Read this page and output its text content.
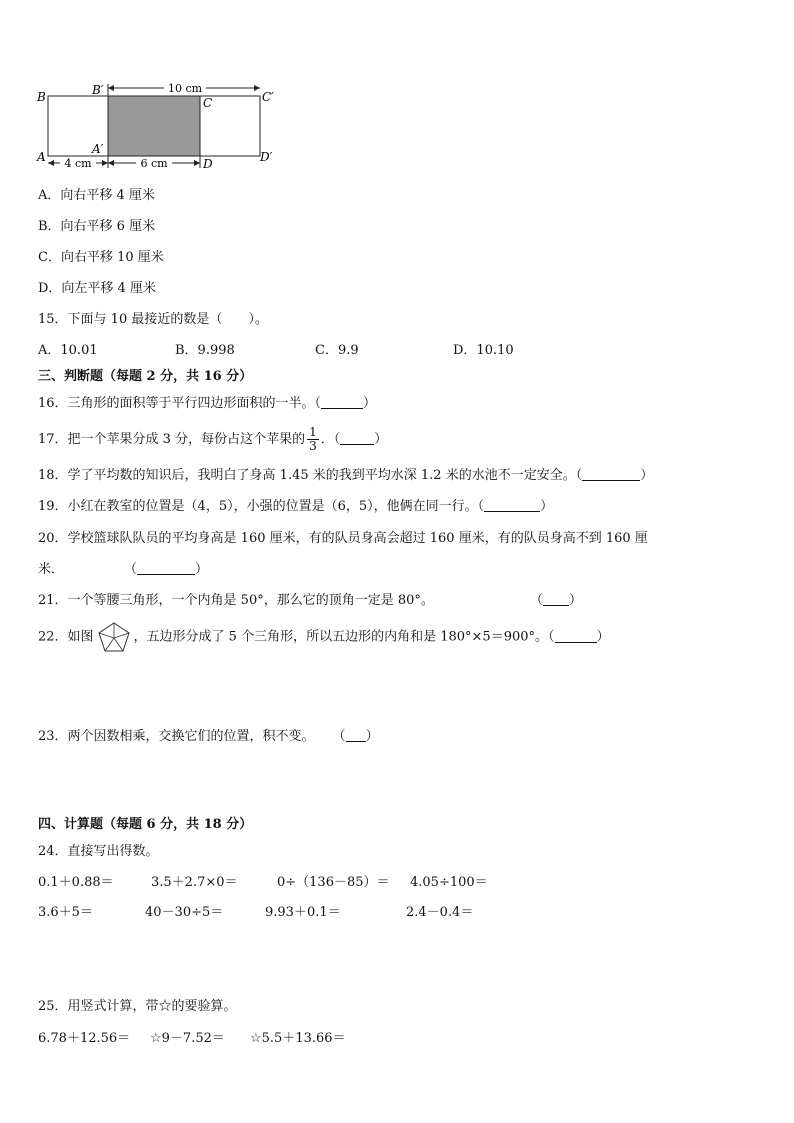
10 cm
4 cm	6 cm
B	B′
C	C′
A
A′
D	D′
A．向右平移 4 厘米
B．向右平移 6 厘米
C．向右平移 10 厘米
D．向左平移 4 厘米
15．下面与 10 最接近的数是（　　）。
A．10.01	B．9.998	C．9.9	D．10.10
三、判断题（每题 2 分，共 16 分）
16．三角形的面积等于平行四边形面积的一半。（	）
17．把一个苹果分成 3 分，每份占这个苹果的 $\frac{1}{3}$ ．（	）
18．学了平均数的知识后，我明白了身高 1.45 米的我到平均水深 1.2 米的水池不一定安全。（	）
19．小红在教室的位置是（4，5），小强的位置是（6，5），他俩在同一行。（	）
20．学校篮球队队员的平均身高是 160 厘米，有的队员身高会超过 160 厘米，有的队员身高不到 160 厘
米．	（	）
21．一个等腰三角形，一个内角是 50°，那么它的顶角一定是 80°。	（ ）
22．如图	，五边形分成了 5 个三角形，所以五边形的内角和是 180°×5＝900°。（	）
23．两个因数相乘，交换它们的位置，积不变。 （ ）
四、计算题（每题 6 分，共 18 分）
24．直接写出得数。
0.1＋0.88＝	3.5＋2.7×0＝	0÷（136－85）＝ 4.05÷100＝
3.6＋5＝	40－30÷5＝	9.93＋0.1＝	2.4－0.4＝
25．用竖式计算，带☆的要验算。
6.78＋12.56＝ ☆9－7.52＝ ☆5.5＋13.66＝
